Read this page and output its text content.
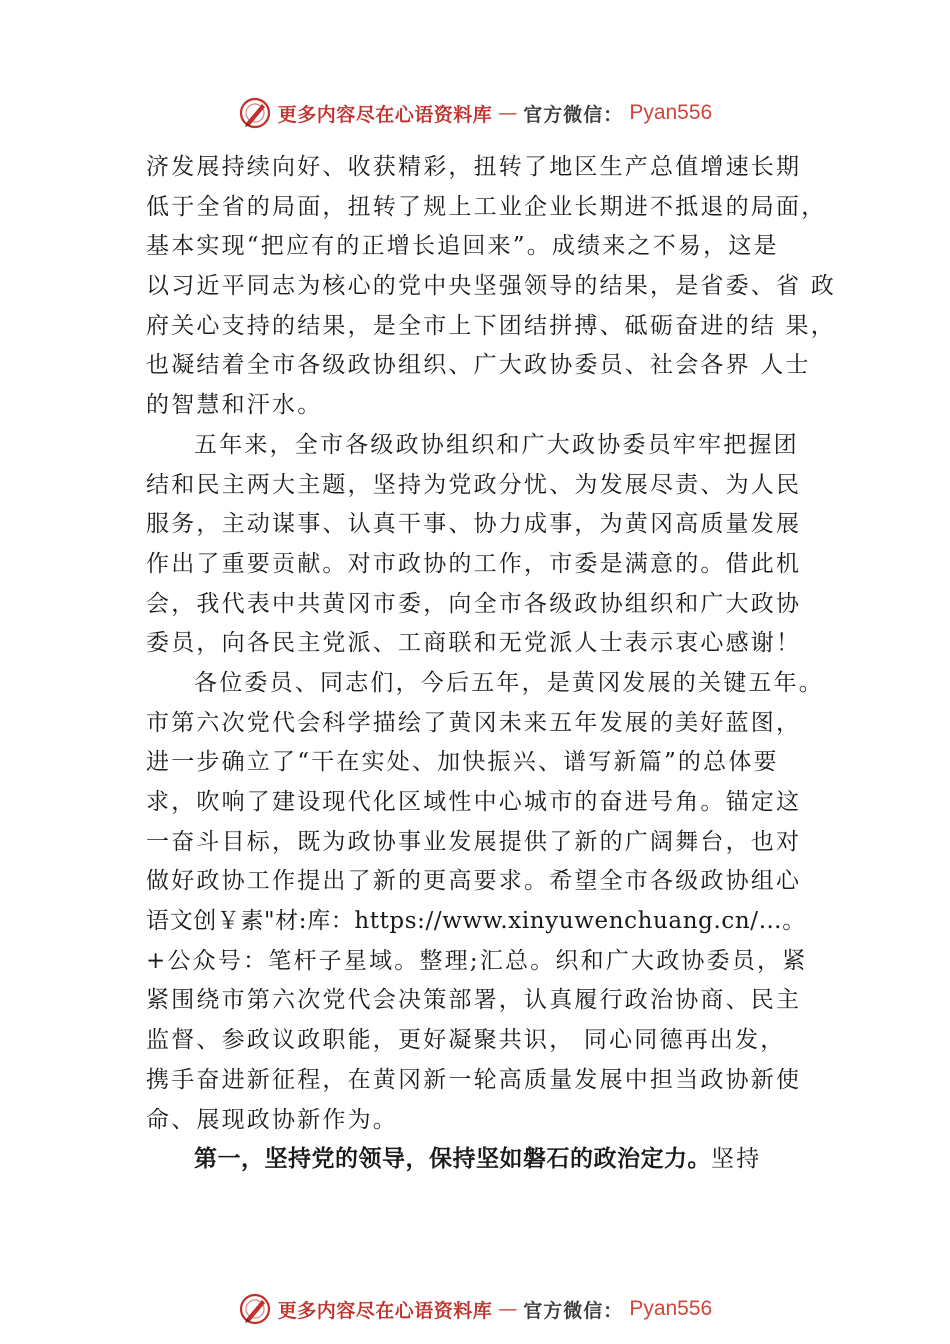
更多内容尽在心语资料库 — 官方微信： Pyan556
济发展持续向好、收获精彩，扭转了地区生产总值增速长期
低于全省的局面，扭转了规上工业企业长期进不抵退的局面，
基本实现“把应有的正增长追回来”。成绩来之不易，这是
以习近平同志为核心的党中央坚强领导的结果，是省委、省 政
府关心支持的结果，是全市上下团结拼搏、砥砺奋进的结 果，
也凝结着全市各级政协组织、广大政协委员、社会各界 人士
的智慧和汗水。
五年来，全市各级政协组织和广大政协委员牢牢把握团
结和民主两大主题，坚持为党政分忧、为发展尽责、为人民
服务，主动谋事、认真干事、协力成事，为黄冈高质量发展
作出了重要贡献。对市政协的工作，市委是满意的。借此机
会，我代表中共黄冈市委，向全市各级政协组织和广大政协
委员，向各民主党派、工商联和无党派人士表示衷心感谢！
各位委员、同志们，今后五年，是黄冈发展的关键五年。
市第六次党代会科学描绘了黄冈未来五年发展的美好蓝图，
进一步确立了“干在实处、加快振兴、谱写新篇”的总体要
求，吹响了建设现代化区域性中心城市的奋进号角。锚定这
一奋斗目标，既为政协事业发展提供了新的广阔舞台，也对
做好政协工作提出了新的更高要求。希望全市各级政协组心
语文创￥素"材:库：https://www.xinyuwenchuang.cn/…。
+公众号：笔杆子星域。整理;汇总。织和广大政协委员，紧
紧围绕市第六次党代会决策部署，认真履行政治协商、民主
监督、参政议政职能，更好凝聚共识， 同心同德再出发，
携手奋进新征程，在黄冈新一轮高质量发展中担当政协新使
命、展现政协新作为。
第一，坚持党的领导，保持坚如磐石的政治定力。坚持
更多内容尽在心语资料库 — 官方微信： Pyan556
